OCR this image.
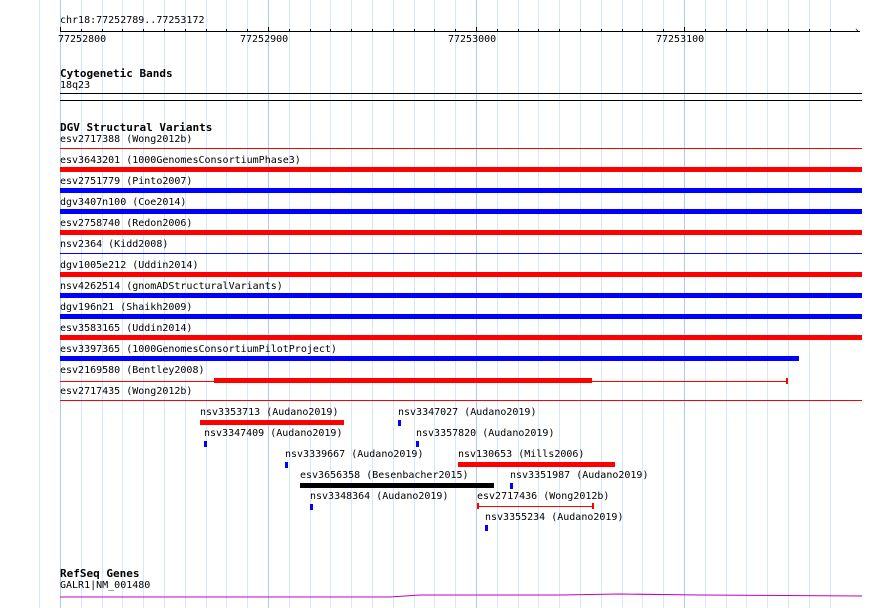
chr18:77252789..77253172
›
77252800	77252900	77253000	77253100
Cytogenetic Bands
18q23
DGV Structural Variants
esv2717388 (Wong2012b)
esv3643201 (1000GenomesConsortiumPhase3)
esv2751779 (Pinto2007)
dgv3407n100 (Coe2014)
esv2758740 (Redon2006)
nsv2364 (Kidd2008)
dgv1005e212 (Uddin2014)
nsv4262514 (gnomADStructuralVariants)
dgv196n21 (Shaikh2009)
esv3583165 (Uddin2014)
esv3397365 (1000GenomesConsortiumPilotProject)
esv2169580 (Bentley2008)
esv2717435 (Wong2012b)
nsv3353713 (Audano2019)	nsv3347027 (Audano2019)
nsv3347409 (Audano2019)	nsv3357820 (Audano2019)
nsv3339667 (Audano2019)	nsv130653 (Mills2006)
esv3656358 (Besenbacher2015)	nsv3351987 (Audano2019)
nsv3348364 (Audano2019)	esv2717436 (Wong2012b)
nsv3355234 (Audano2019)
RefSeq Genes
GALR1|NM_001480
